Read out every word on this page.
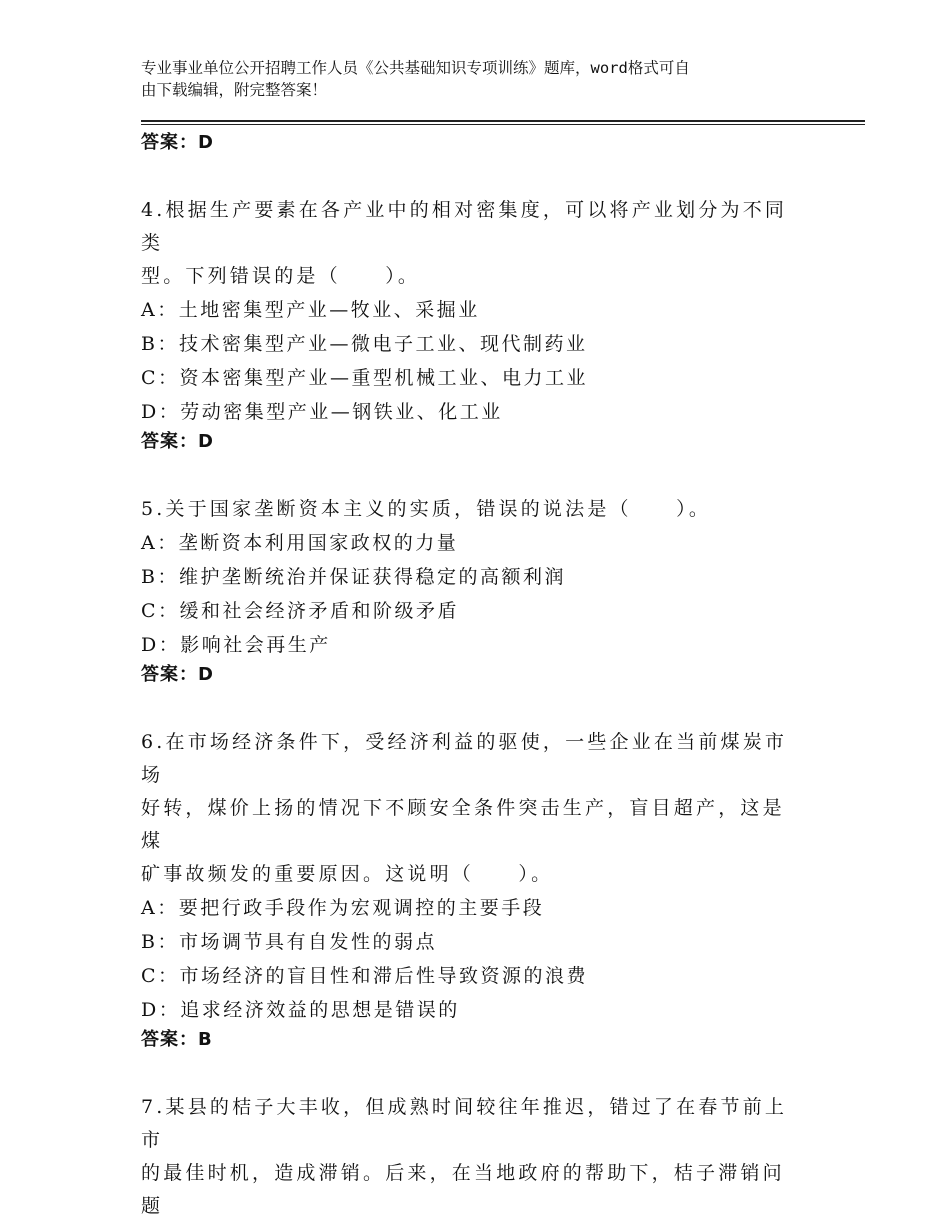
专业事业单位公开招聘工作人员《公共基础知识专项训练》题库，word格式可自
由下载编辑，附完整答案！
答案：D
4.根据生产要素在各产业中的相对密集度，可以将产业划分为不同类
型。下列错误的是（　　）。
A：土地密集型产业—牧业、采掘业
B：技术密集型产业—微电子工业、现代制药业
C：资本密集型产业—重型机械工业、电力工业
D：劳动密集型产业—钢铁业、化工业
答案：D
5.关于国家垄断资本主义的实质，错误的说法是（　　）。
A：垄断资本利用国家政权的力量
B：维护垄断统治并保证获得稳定的高额利润
C：缓和社会经济矛盾和阶级矛盾
D：影响社会再生产
答案：D
6.在市场经济条件下，受经济利益的驱使，一些企业在当前煤炭市场
好转，煤价上扬的情况下不顾安全条件突击生产，盲目超产，这是煤
矿事故频发的重要原因。这说明（　　）。
A：要把行政手段作为宏观调控的主要手段
B：市场调节具有自发性的弱点
C：市场经济的盲目性和滞后性导致资源的浪费
D：追求经济效益的思想是错误的
答案：B
7.某县的桔子大丰收，但成熟时间较往年推迟，错过了在春节前上市
的最佳时机，造成滞销。后来，在当地政府的帮助下，桔子滞销问题
